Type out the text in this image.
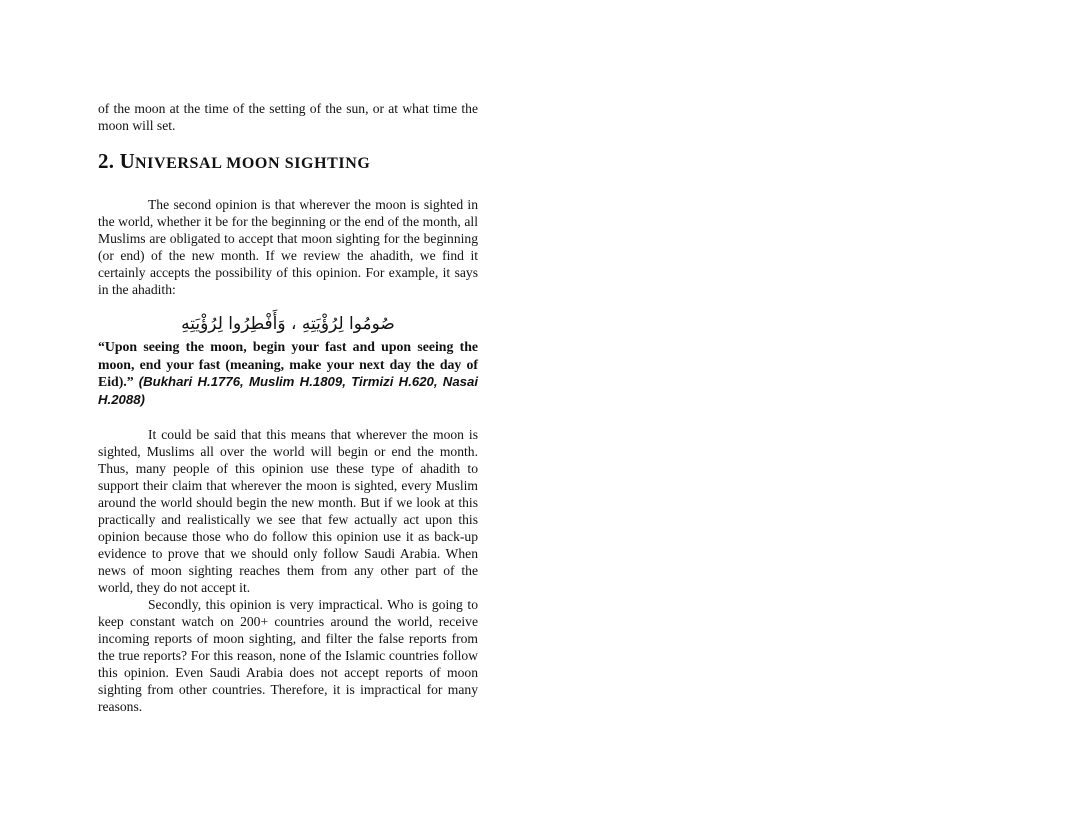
of the moon at the time of the setting of the sun, or at what time the moon will set.

2. UNIVERSAL MOON SIGHTING

The second opinion is that wherever the moon is sighted in the world, whether it be for the beginning or the end of the month, all Muslims are obligated to accept that moon sighting for the beginning (or end) of the new month. If we review the ahadith, we find it certainly accepts the possibility of this opinion. For example, it says in the ahadith:

صُومُوا لِرُؤْيَتِهِ ، وَأَفْطِرُوا لِرُؤْيَتِهِ

“Upon seeing the moon, begin your fast and upon seeing the moon, end your fast (meaning, make your next day the day of Eid).” (Bukhari H.1776, Muslim H.1809, Tirmizi H.620, Nasai H.2088)

It could be said that this means that wherever the moon is sighted, Muslims all over the world will begin or end the month. Thus, many people of this opinion use these type of ahadith to support their claim that wherever the moon is sighted, every Muslim around the world should begin the new month. But if we look at this practically and realistically we see that few actually act upon this opinion because those who do follow this opinion use it as back-up evidence to prove that we should only follow Saudi Arabia. When news of moon sighting reaches them from any other part of the world, they do not accept it.

Secondly, this opinion is very impractical. Who is going to keep constant watch on 200+ countries around the world, receive incoming reports of moon sighting, and filter the false reports from the true reports? For this reason, none of the Islamic countries follow this opinion. Even Saudi Arabia does not accept reports of moon sighting from other countries. Therefore, it is impractical for many reasons.
